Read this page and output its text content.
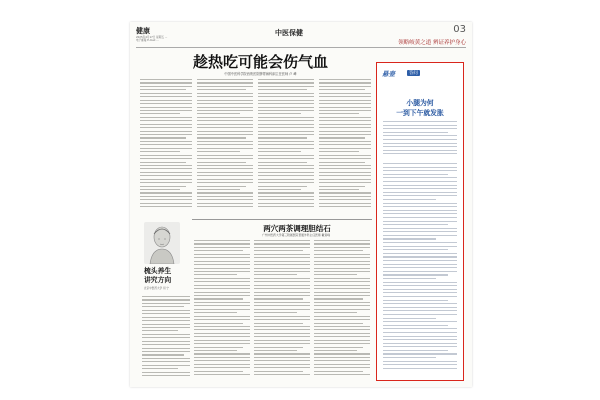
健康
2025年4月17日 星期五 …
电子邮箱 E-mail …
中医保健	03
领略岐黄之道 辨证养护身心
趁热吃可能会伤气血
中国中医科学院西苑医院脾胃病科副主任医师 卢 峰
两穴两茶调理胆结石
广州中医药大学第三附属医院普通外科主任医师 戴景峰
梳头养生
讲究方向
北京中医药大学 何 宁
悬壶	答问
小腿为何
一到下午就发胀
